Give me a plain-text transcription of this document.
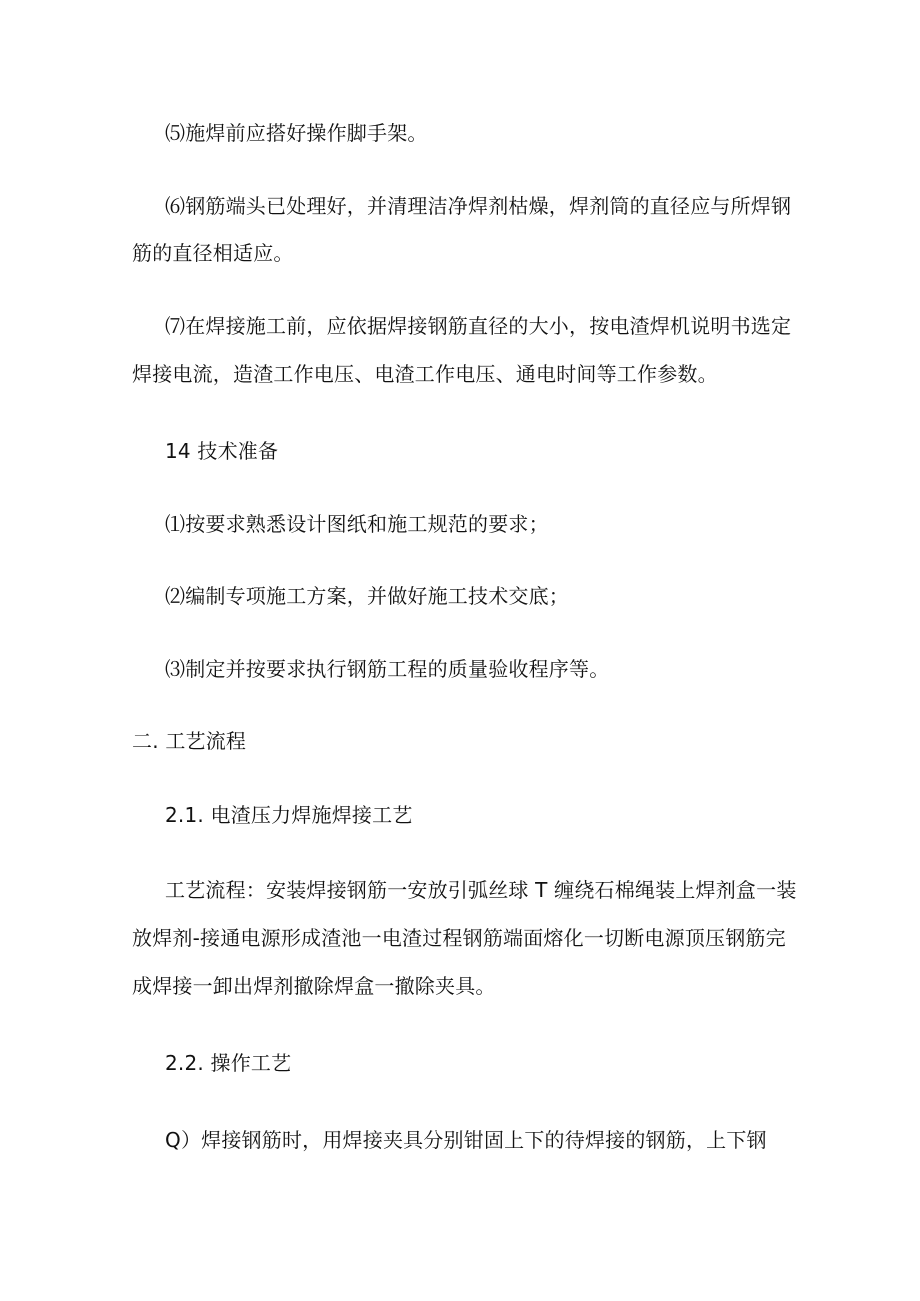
⑸施焊前应搭好操作脚手架。
⑹钢筋端头已处理好，并清理洁净焊剂枯燥，焊剂筒的直径应与所焊钢
筋的直径相适应。
⑺在焊接施工前，应依据焊接钢筋直径的大小，按电渣焊机说明书选定
焊接电流，造渣工作电压、电渣工作电压、通电时间等工作参数。
14 技术准备
⑴按要求熟悉设计图纸和施工规范的要求；
⑵编制专项施工方案，并做好施工技术交底；
⑶制定并按要求执行钢筋工程的质量验收程序等。
二. 工艺流程
2.1. 电渣压力焊施焊接工艺
工艺流程：安装焊接钢筋一安放引弧丝球 T 缠绕石棉绳装上焊剂盒一装
放焊剂-接通电源形成渣池一电渣过程钢筋端面熔化一切断电源顶压钢筋完
成焊接一卸出焊剂撤除焊盒一撤除夹具。
2.2. 操作工艺
Q）焊接钢筋时，用焊接夹具分别钳固上下的待焊接的钢筋，上下钢
